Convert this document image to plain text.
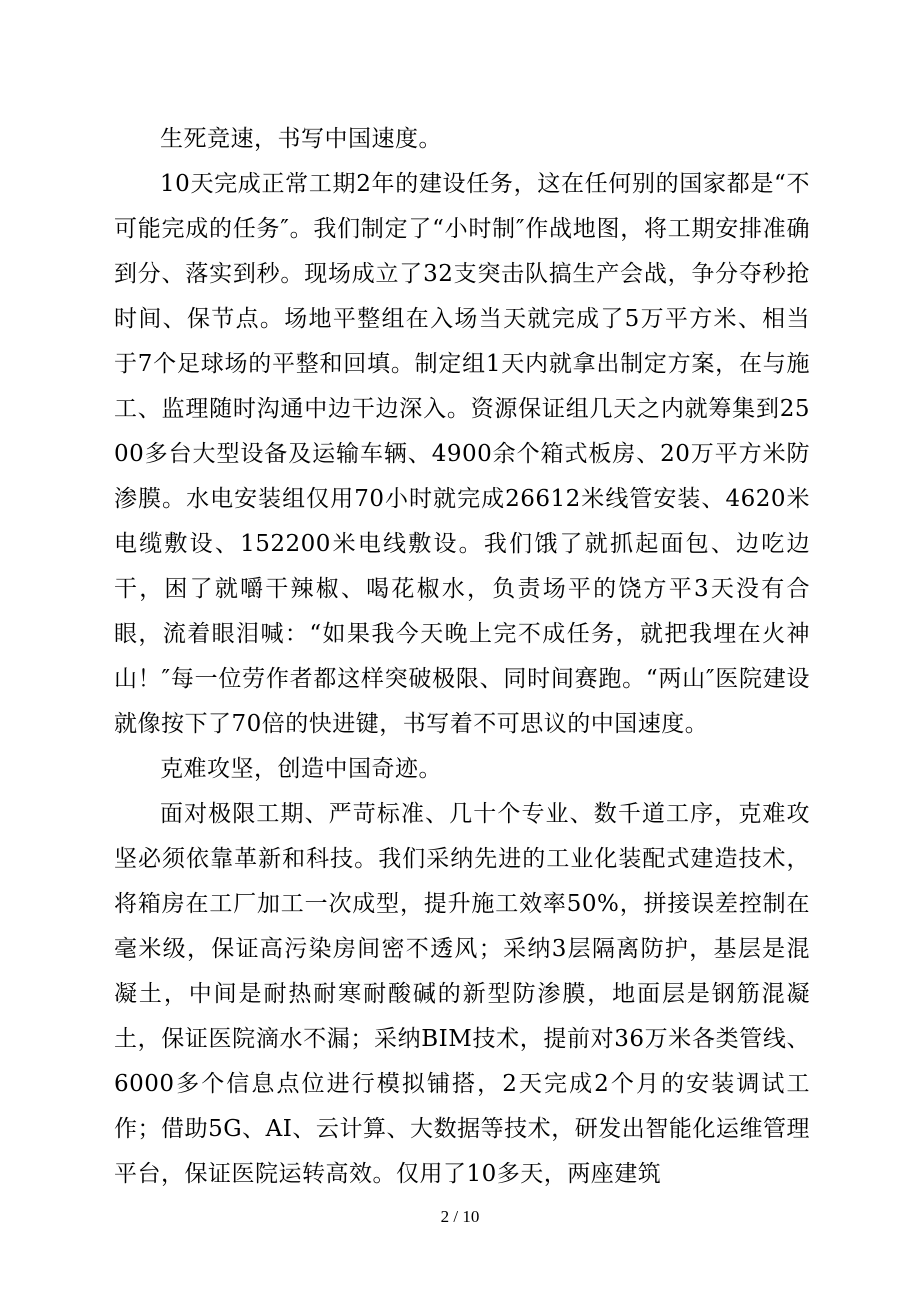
生死竞速，书写中国速度。

10天完成正常工期2年的建设任务，这在任何别的国家都是“不可能完成的任务″。我们制定了“小时制″作战地图，将工期安排准确到分、落实到秒。现场成立了32支突击队搞生产会战，争分夺秒抢时间、保节点。场地平整组在入场当天就完成了5万平方米、相当于7个足球场的平整和回填。制定组1天内就拿出制定方案，在与施工、监理随时沟通中边干边深入。资源保证组几天之内就筹集到2500多台大型设备及运输车辆、4900余个箱式板房、20万平方米防渗膜。水电安装组仅用70小时就完成26612米线管安装、4620米电缆敷设、152200米电线敷设。我们饿了就抓起面包、边吃边干，困了就嚼干辣椒、喝花椒水，负责场平的饶方平3天没有合眼，流着眼泪喊：“如果我今天晚上完不成任务，就把我埋在火神山！″每一位劳作者都这样突破极限、同时间赛跑。“两山″医院建设就像按下了70倍的快进键，书写着不可思议的中国速度。

克难攻坚，创造中国奇迹。

面对极限工期、严苛标准、几十个专业、数千道工序，克难攻坚必须依靠革新和科技。我们采纳先进的工业化装配式建造技术，将箱房在工厂加工一次成型，提升施工效率50%，拼接误差控制在毫米级，保证高污染房间密不透风；采纳3层隔离防护，基层是混凝土，中间是耐热耐寒耐酸碱的新型防渗膜，地面层是钢筋混凝土，保证医院滴水不漏；采纳BIM技术，提前对36万米各类管线、6000多个信息点位进行模拟铺搭，2天完成2个月的安装调试工作；借助5G、AI、云计算、大数据等技术，研发出智能化运维管理平台，保证医院运转高效。仅用了10多天，两座建筑

2 / 10
